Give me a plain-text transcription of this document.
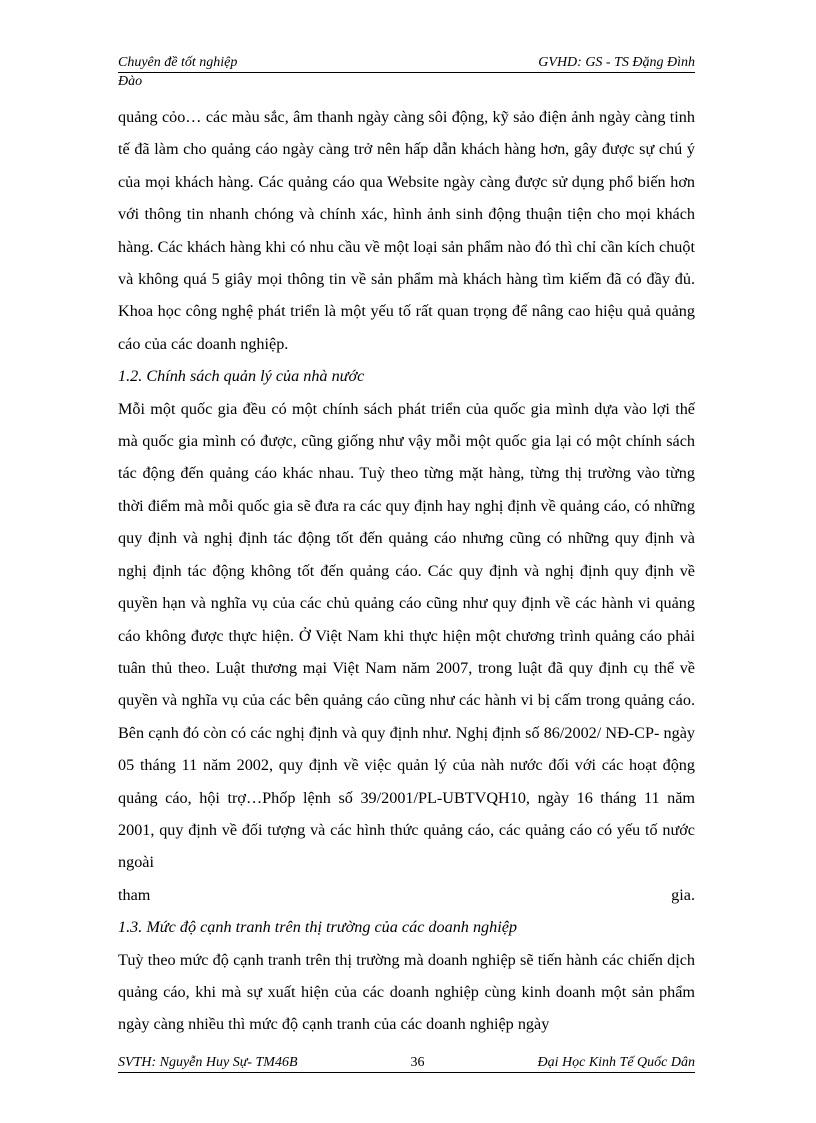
Chuyên đề tốt nghiệp	GVHD: GS - TS Đặng Đình
Đào

quảng cỏo… các màu sắc, âm thanh ngày càng sôi động, kỹ sảo điện ảnh ngày càng tinh tế đã làm cho quảng cáo ngày càng trở nên hấp dẫn khách hàng hơn, gây được sự chú ý của mọi khách hàng. Các quảng cáo qua Website ngày càng được sử dụng phổ biến hơn với thông tin nhanh chóng và chính xác, hình ảnh sinh động thuận tiện cho mọi khách hàng. Các khách hàng khi có nhu cầu về một loại sản phẩm nào đó thì chỉ cần kích chuột và không quá 5 giây mọi thông tin về sản phẩm mà khách hàng tìm kiếm đã có đầy đủ. Khoa học công nghệ phát triển là một yếu tố rất quan trọng để nâng cao hiệu quả quảng cáo của các doanh nghiệp.

1.2. Chính sách quản lý của nhà nước

Mỗi một quốc gia đều có một chính sách phát triển của quốc gia mình dựa vào lợi thế mà quốc gia mình có được, cũng giống như vậy mỗi một quốc gia lại có một chính sách tác động đến quảng cáo khác nhau. Tuỳ theo từng mặt hàng, từng thị trường vào từng thời điểm mà mỗi quốc gia sẽ đưa ra các quy định hay nghị định về quảng cáo, có những quy định và nghị định tác động tốt đến quảng cáo nhưng cũng có những quy định và nghị định tác động không tốt đến quảng cáo. Các quy định và nghị định quy định về quyền hạn và nghĩa vụ của các chủ quảng cáo cũng như quy định về các hành vi quảng cáo không được thực hiện. Ở Việt Nam khi thực hiện một chương trình quảng cáo phải tuân thủ theo. Luật thương mại Việt Nam năm 2007, trong luật đã quy định cụ thể về quyền và nghĩa vụ của các bên quảng cáo cũng như các hành vi bị cấm trong quảng cáo. Bên cạnh đó còn có các nghị định và quy định như. Nghị định số 86/2002/ NĐ-CP- ngày 05 tháng 11 năm 2002, quy định về việc quản lý của nàh nước đối với các hoạt động quảng cáo, hội trợ…Phốp lệnh số 39/2001/PL-UBTVQH10, ngày 16 tháng 11 năm 2001, quy định về đối tượng và các hình thức quảng cáo, các quảng cáo có yếu tố nước ngoài

tham	gia.
1.3. Mức độ cạnh tranh trên thị trường của các doanh nghiệp

Tuỳ theo mức độ cạnh tranh trên thị trường mà doanh nghiệp sẽ tiến hành các chiến dịch quảng cáo, khi mà sự xuất hiện của các doanh nghiệp cùng kinh doanh một sản phẩm ngày càng nhiều thì mức độ cạnh tranh của các doanh nghiệp ngày

SVTH: Nguyễn Huy Sự- TM46B	36	Đại Học Kinh Tế Quốc Dân
